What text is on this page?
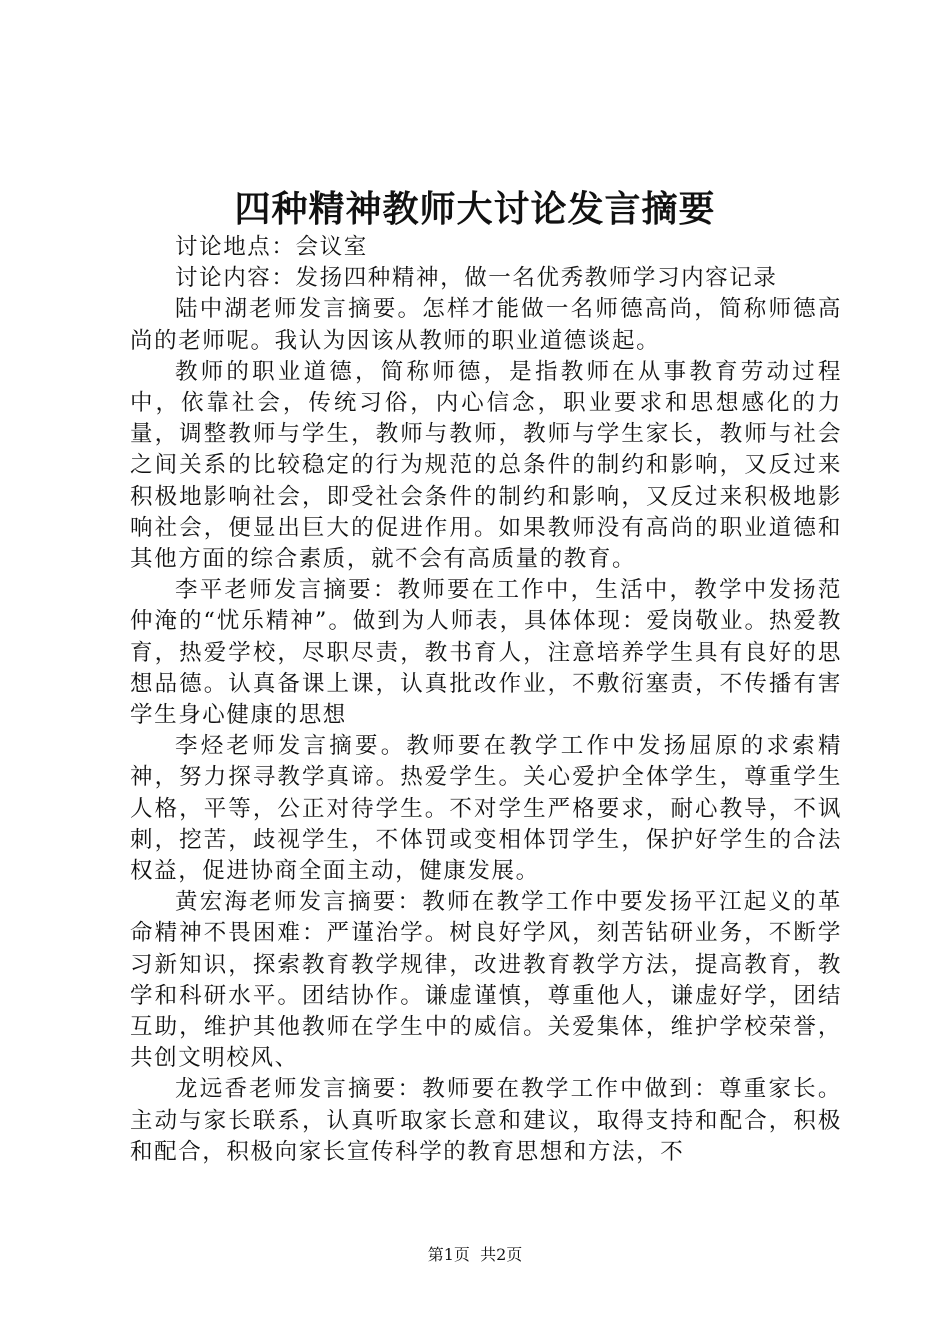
四种精神教师大讨论发言摘要

讨论地点：会议室

讨论内容：发扬四种精神，做一名优秀教师学习内容记录

陆中湖老师发言摘要。怎样才能做一名师德高尚，简称师德高尚的老师呢。我认为因该从教师的职业道德谈起。

教师的职业道德，简称师德，是指教师在从事教育劳动过程中，依靠社会，传统习俗，内心信念，职业要求和思想感化的力量，调整教师与学生，教师与教师，教师与学生家长，教师与社会之间关系的比较稳定的行为规范的总条件的制约和影响，又反过来积极地影响社会，即受社会条件的制约和影响，又反过来积极地影响社会，便显出巨大的促进作用。如果教师没有高尚的职业道德和其他方面的综合素质，就不会有高质量的教育。

李平老师发言摘要：教师要在工作中，生活中，教学中发扬范仲淹的“忧乐精神”。做到为人师表，具体体现：爱岗敬业。热爱教育，热爱学校，尽职尽责，教书育人，注意培养学生具有良好的思想品德。认真备课上课，认真批改作业，不敷衍塞责，不传播有害学生身心健康的思想

李烃老师发言摘要。教师要在教学工作中发扬屈原的求索精神，努力探寻教学真谛。热爱学生。关心爱护全体学生，尊重学生人格，平等，公正对待学生。不对学生严格要求，耐心教导，不讽刺，挖苦，歧视学生，不体罚或变相体罚学生，保护好学生的合法权益，促进协商全面主动，健康发展。

黄宏海老师发言摘要：教师在教学工作中要发扬平江起义的革命精神不畏困难：严谨治学。树良好学风，刻苦钻研业务，不断学习新知识，探索教育教学规律，改进教育教学方法，提高教育，教学和科研水平。团结协作。谦虚谨慎，尊重他人，谦虚好学，团结互助，维护其他教师在学生中的威信。关爱集体，维护学校荣誉，共创文明校风、

龙远香老师发言摘要：教师要在教学工作中做到：尊重家长。主动与家长联系，认真听取家长意和建议，取得支持和配合，积极和配合，积极向家长宣传科学的教育思想和方法，不

第1页 共2页
